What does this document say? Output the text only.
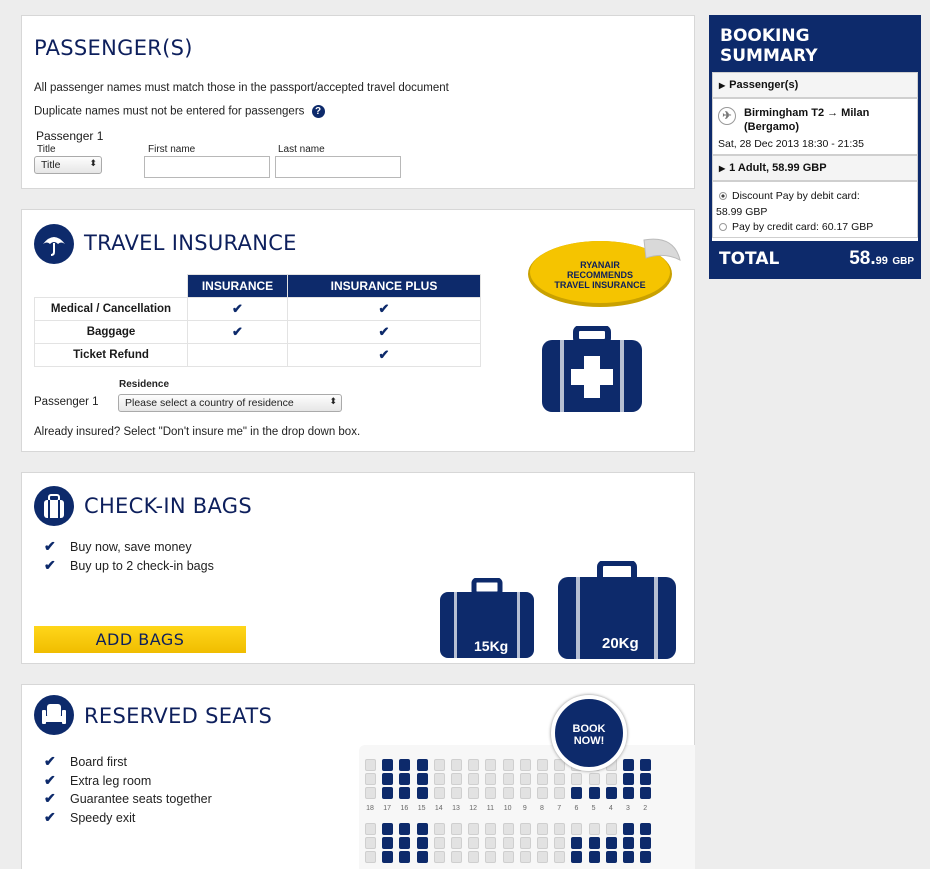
PASSENGER(S)
All passenger names must match those in the passport/accepted travel document
Duplicate names must not be entered for passengers ?
Passenger 1
Title
Title	⬍
First name	Last name
TRAVEL INSURANCE
	INSURANCE	INSURANCE PLUS
Medical / Cancellation	✔	✔
Baggage	✔	✔
Ticket Refund		✔
Residence
Passenger 1	Please select a country of residence	⬍
Already insured? Select "Don't insure me" in the drop down box.
RYANAIR
RECOMMENDS
TRAVEL INSURANCE
CHECK-IN BAGS
✔ Buy now, save money
✔ Buy up to 2 check-in bags
ADD BAGS	15Kg	20Kg
RESERVED SEATS
✔ Board first
✔ Extra leg room
✔ Guarantee seats together
✔ Speedy exit
18	17	16	15	14	13	12	11	10	9	8	7	6	5	4	3	2
BOOK
NOW!
BOOKING SUMMARY
▶ Passenger(s)
✈	Birmingham T2 → Milan
(Bergamo)
Sat, 28 Dec 2013 18:30 - 21:35
▶ 1 Adult, 58.99 GBP
Discount Pay by debit card:
58.99 GBP
Pay by credit card: 60.17 GBP
TOTAL	58.99 GBP
